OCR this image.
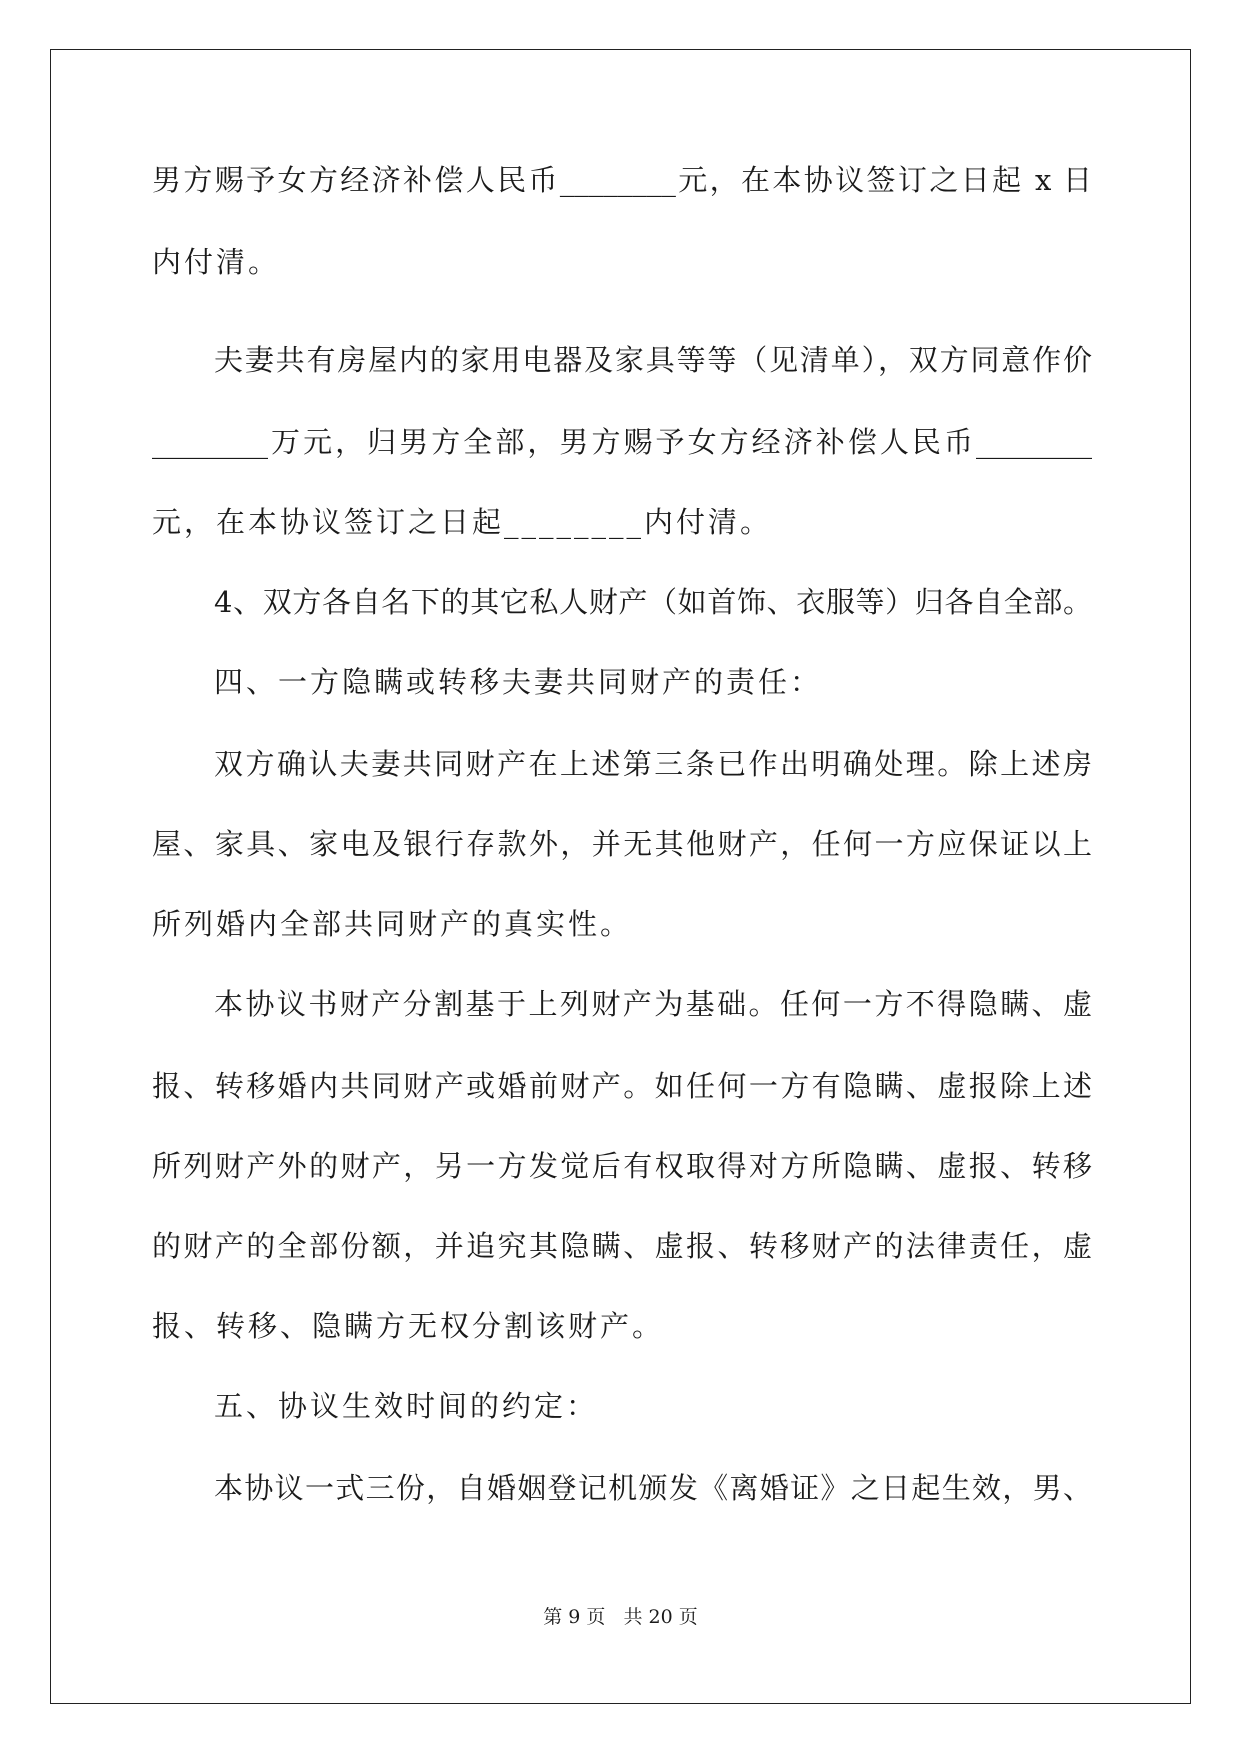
男方赐予女方经济补偿人民币________元，在本协议签订之日起 x 日
内付清。
夫妻共有房屋内的家用电器及家具等等（见清单），双方同意作价
________万元，归男方全部，男方赐予女方经济补偿人民币________
元，在本协议签订之日起________内付清。
4、双方各自名下的其它私人财产（如首饰、衣服等）归各自全部。
四、一方隐瞒或转移夫妻共同财产的责任：
双方确认夫妻共同财产在上述第三条已作出明确处理。除上述房
屋、家具、家电及银行存款外，并无其他财产，任何一方应保证以上
所列婚内全部共同财产的真实性。
本协议书财产分割基于上列财产为基础。任何一方不得隐瞒、虚
报、转移婚内共同财产或婚前财产。如任何一方有隐瞒、虚报除上述
所列财产外的财产，另一方发觉后有权取得对方所隐瞒、虚报、转移
的财产的全部份额，并追究其隐瞒、虚报、转移财产的法律责任，虚
报、转移、隐瞒方无权分割该财产。
五、协议生效时间的约定：
本协议一式三份，自婚姻登记机颁发《离婚证》之日起生效，男、
第 9 页 共 20 页
